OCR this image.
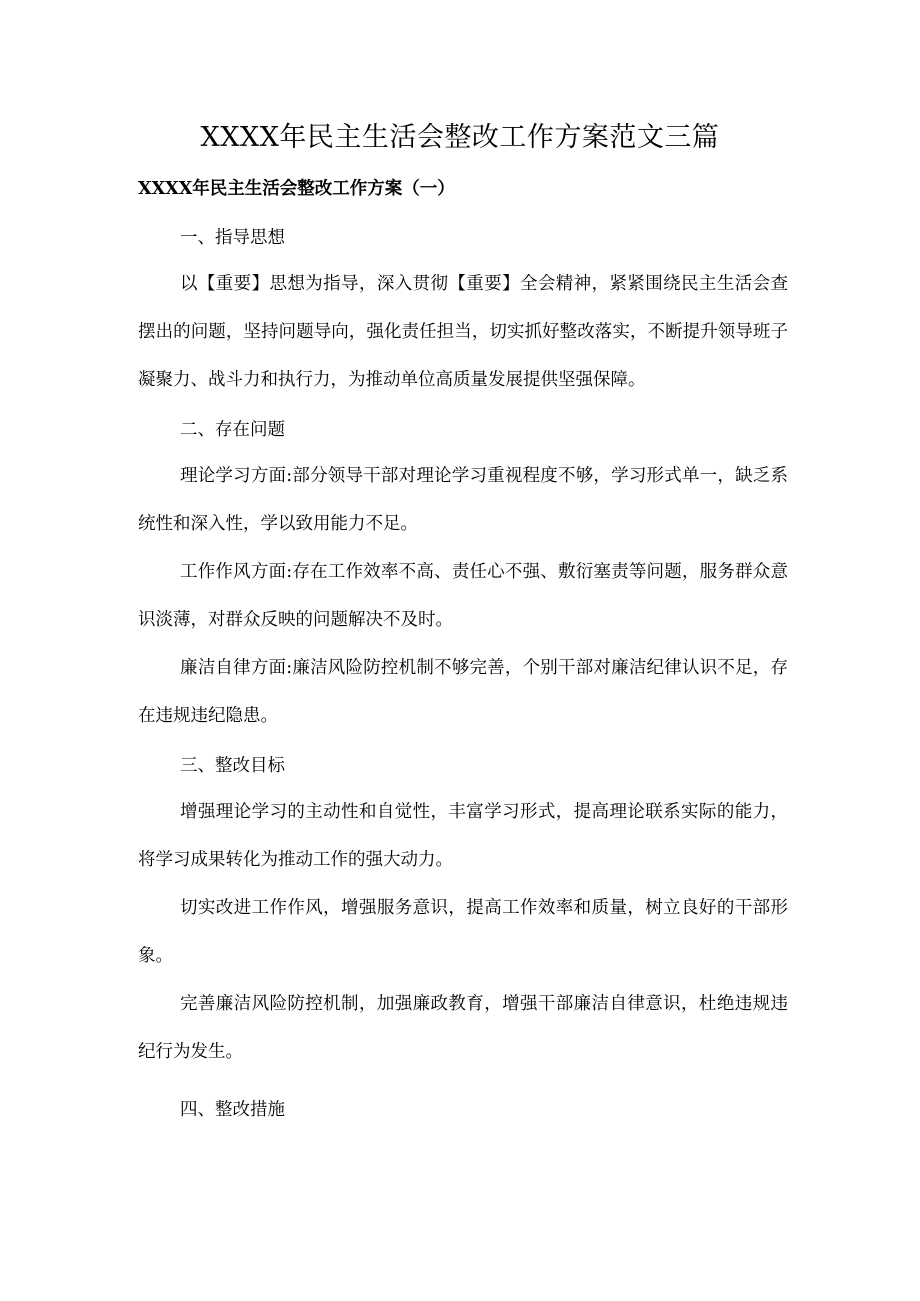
XXXX年民主生活会整改工作方案范文三篇
XXXX年民主生活会整改工作方案（一）

一、指导思想

以【重要】思想为指导，深入贯彻【重要】全会精神，紧紧围绕民主生活会查摆出的问题，坚持问题导向，强化责任担当，切实抓好整改落实，不断提升领导班子凝聚力、战斗力和执行力，为推动单位高质量发展提供坚强保障。

二、存在问题

理论学习方面:部分领导干部对理论学习重视程度不够，学习形式单一，缺乏系统性和深入性，学以致用能力不足。

工作作风方面:存在工作效率不高、责任心不强、敷衍塞责等问题，服务群众意识淡薄，对群众反映的问题解决不及时。

廉洁自律方面:廉洁风险防控机制不够完善，个别干部对廉洁纪律认识不足，存在违规违纪隐患。

三、整改目标

增强理论学习的主动性和自觉性，丰富学习形式，提高理论联系实际的能力，将学习成果转化为推动工作的强大动力。

切实改进工作作风，增强服务意识，提高工作效率和质量，树立良好的干部形象。

完善廉洁风险防控机制，加强廉政教育，增强干部廉洁自律意识，杜绝违规违纪行为发生。

四、整改措施
